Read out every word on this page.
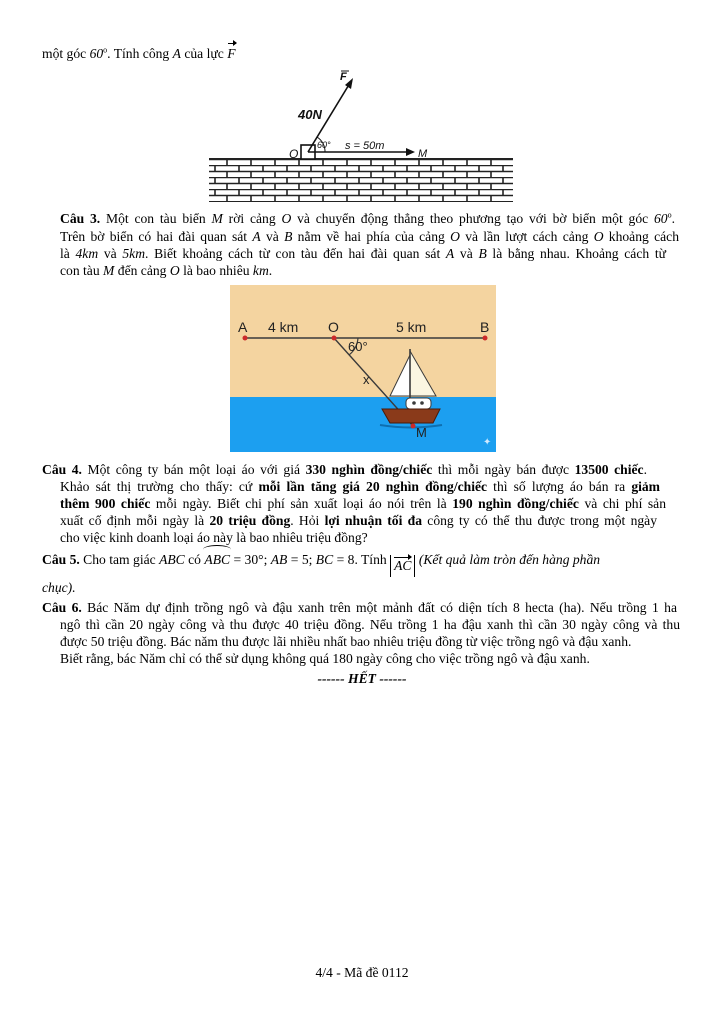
một góc 60$^o$. Tính công A của lực F
F
40N
60°
O
s = 50m
M
Câu 3. Một con tàu biển M rời cảng O và chuyển động thẳng theo phương tạo với bờ biển một góc 60$^o$.
Trên bờ biển có hai đài quan sát A và B nằm về hai phía của cảng O và lần lượt cách cảng O khoảng cách
là 4km và 5km. Biết khoảng cách từ con tàu đến hai đài quan sát A và B là bằng nhau. Khoảng cách từ
con tàu M đến cảng O là bao nhiêu km.
A 4 km O	5 km	B
60°
x
M
✦
Câu 4. Một công ty bán một loại áo với giá 330 nghìn đồng/chiếc thì mỗi ngày bán được 13500 chiếc.
Khảo sát thị trường cho thấy: cứ mỗi lần tăng giá 20 nghìn đồng/chiếc thì số lượng áo bán ra giảm
thêm 900 chiếc mỗi ngày. Biết chi phí sản xuất loại áo nói trên là 190 nghìn đồng/chiếc và chi phí sản
xuất cố định mỗi ngày là 20 triệu đồng. Hỏi lợi nhuận tối đa công ty có thể thu được trong một ngày
cho việc kinh doanh loại áo này là bao nhiêu triệu đồng?
Câu 5. Cho tam giác ABC có ABC = 30°; AB = 5; BC = 8. Tính AC (Kết quả làm tròn đến hàng phần
chục).
Câu 6. Bác Năm dự định trồng ngô và đậu xanh trên một mảnh đất có diện tích 8 hecta (ha). Nếu trồng 1 ha
ngô thì cần 20 ngày công và thu được 40 triệu đồng. Nếu trồng 1 ha đậu xanh thì cần 30 ngày công và thu
được 50 triệu đồng. Bác năm thu được lãi nhiều nhất bao nhiêu triệu đồng từ việc trồng ngô và đậu xanh.
Biết rằng, bác Năm chỉ có thể sử dụng không quá 180 ngày công cho việc trồng ngô và đậu xanh.
------ HẾT ------
4/4 - Mã đề 0112
